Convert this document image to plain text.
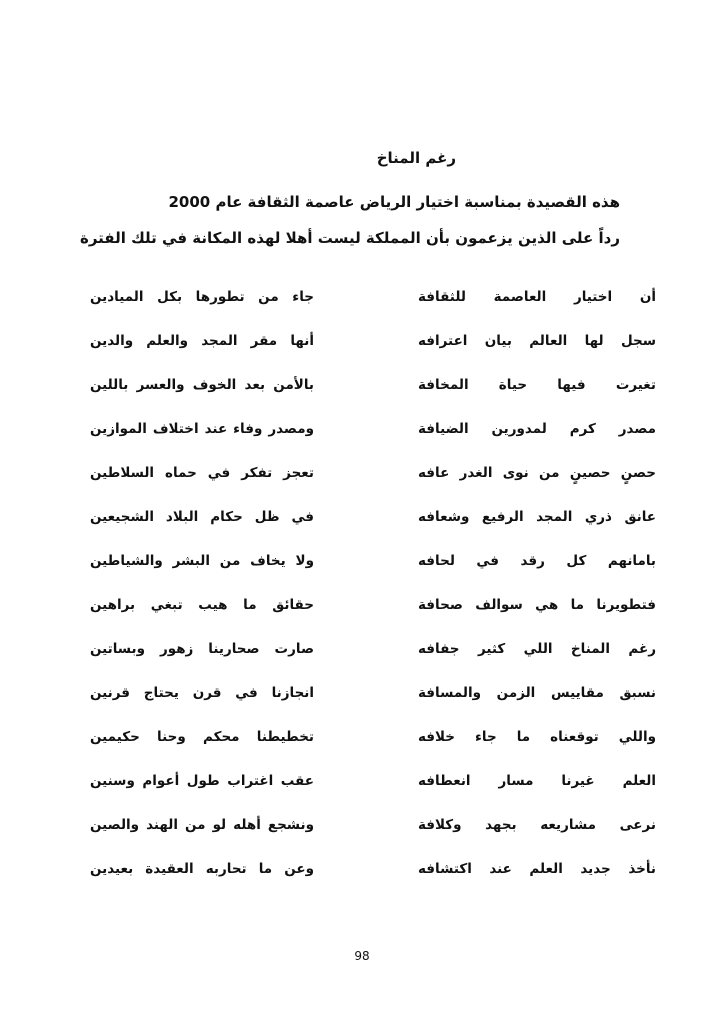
رغم المناخ
هذه القصيدة بمناسبة اختيار الرياض عاصمة الثقافة عام 2000
رداً على الذين يزعمون بأن المملكة ليست أهلا لهذه المكانة في تلك الفترة
أن اختيار العاصمة للثقافة
جاء من تطورها بكل الميادين
سجل لها العالم بيان اعترافه
أنها مقر المجد والعلم والدين
تغيرت فيها حياة المخافة
بالأمن بعد الخوف والعسر باللين
مصدر كرم لمدورين الضيافة
ومصدر وفاء عند اختلاف الموازين
حصنٍ حصينٍ من نوى الغدر عافه
تعجز تفكر في حماه السلاطين
عانق ذري المجد الرفيع وشعافه
في ظل حكام البلاد الشجيعين
بامانهم كل رقد في لحافه
ولا يخاف من البشر والشياطين
فتطويرنا ما هي سوالف صحافة
حقائق ما هيب تبغي براهين
رغم المناخ اللي كثير جفافه
صارت صحارينا زهور وبساتين
نسبق مقاييس الزمن والمسافة
انجازنا في قرن يحتاج قرنين
واللي توقعناه ما جاء خلافه
تخطيطنا محكم وحنا حكيمين
العلم غيرنا مسار انعطافه
عقب اغتراب طول أعوام وسنين
نرعى مشاريعه بجهد وكلافة
ونشجع أهله لو من الهند والصين
نأخذ جديد العلم عند اكتشافه
وعن ما تحاربه العقيدة بعيدين
98
